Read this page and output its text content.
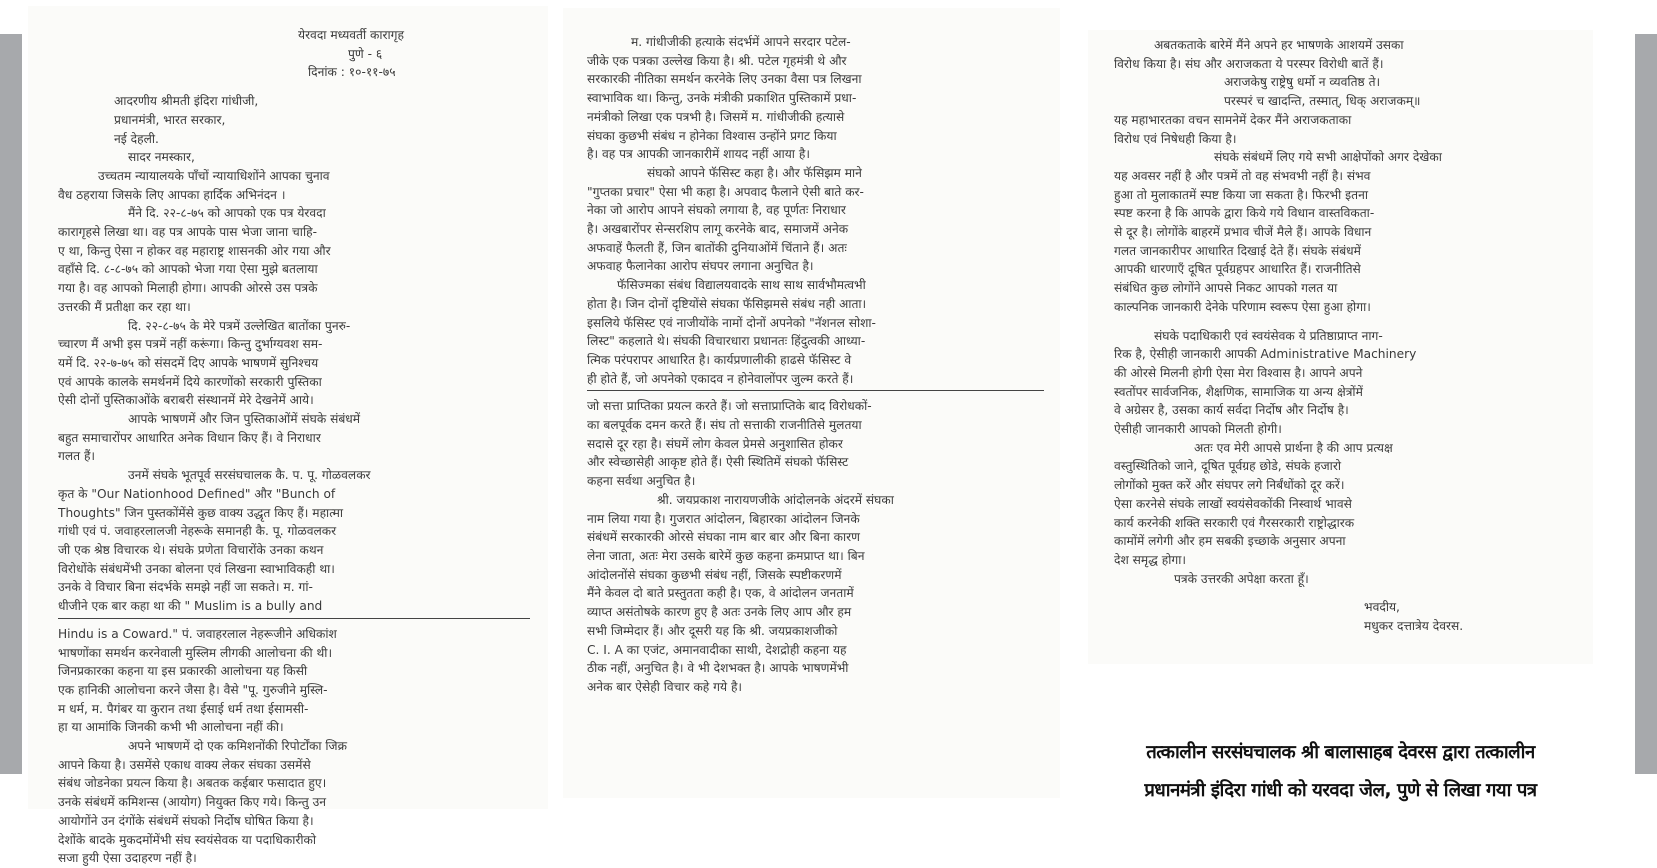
येरवदा मध्यवर्ती कारागृह
पुणे - ६
दिनांक : १०-११-७५
आदरणीय श्रीमती इंदिरा गांधीजी,
प्रधानमंत्री, भारत सरकार,
नई देहली.
सादर नमस्कार,
उच्चतम न्यायालयके पाँचों न्यायाधिशोंने आपका चुनाव
वैध ठहराया जिसके लिए आपका हार्दिक अभिनंदन ।
मैंने दि. २२-८-७५ को आपको एक पत्र येरवदा
कारागृहसे लिखा था। वह पत्र आपके पास भेजा जाना चाहि-
ए था, किन्तु ऐसा न होकर वह महाराष्ट्र शासनकी ओर गया और
वहाँसे दि. ८-८-७५ को आपको भेजा गया ऐसा मुझे बतलाया
गया है। वह आपको मिलाही होगा। आपकी ओरसे उस पत्रके
उत्तरकी मैं प्रतीक्षा कर रहा था।
दि. २२-८-७५ के मेरे पत्रमें उल्लेखित बातोंका पुनरु-
च्चारण मैं अभी इस पत्रमें नहीं करूंगा। किन्तु दुर्भाग्यवश सम-
यमें दि. २२-७-७५ को संसदमें दिए आपके भाषणमें सुनिश्चय
एवं आपके कालके समर्थनमें दिये कारणोंको सरकारी पुस्तिका
ऐसी दोनों पुस्तिकाओंके बराबरी संस्थानमें मेरे देखनेमें आये।
आपके भाषणमें और जिन पुस्तिकाओंमें संघके संबंधमें
बहुत समाचारोंपर आधारित अनेक विधान किए हैं। वे निराधार
गलत हैं।
उनमें संघके भूतपूर्व सरसंघचालक कै. प. पू. गोळवलकर
कृत के "Our Nationhood Defined" और "Bunch of
Thoughts" जिन पुस्तकोंमेंसे कुछ वाक्य उद्धृत किए हैं। महात्मा
गांधी एवं पं. जवाहरलालजी नेहरूके समानही कै. पू. गोळवलकर
जी एक श्रेष्ठ विचारक थे। संघके प्रणेता विचारोंके उनका कथन
विरोधोंके संबंधमेंभी उनका बोलना एवं लिखना स्वाभाविकही था।
उनके वे विचार बिना संदर्भके समझे नहीं जा सकते। म. गां-
धीजीने एक बार कहा था की " Muslim is a bully and
Hindu is a Coward." पं. जवाहरलाल नेहरूजीने अधिकांश
भाषणोंका समर्थन करनेवाली मुस्लिम लीगकी आलोचना की थी।
जिनप्रकारका कहना या इस प्रकारकी आलोचना यह किसी
एक हानिकी आलोचना करने जैसा है। वैसे "पू. गुरुजीने मुस्लि-
म धर्म, म. पैगंबर या कुरान तथा ईसाई धर्म तथा ईसामसी-
हा या आमांकि जिनकी कभी भी आलोचना नहीं की।
अपने भाषणमें दो एक कमिशनोंकी रिपोर्टोंका जिक्र
आपने किया है। उसमेंसे एकाध वाक्य लेकर संघका उसमेंसे
संबंध जोडनेका प्रयत्न किया है। अबतक कईबार फसादात हुए।
उनके संबंधमें कमिशन्स (आयोग) नियुक्त किए गये। किन्तु उन
आयोगोंने उन दंगोंके संबंधमें संघको निर्दोष घोषित किया है।
देशोंके बादके मुकदमोंमेंभी संघ स्वयंसेवक या पदाधिकारीको
सजा हुयी ऐसा उदाहरण नहीं है।
म. गांधीजीकी हत्याके संदर्भमें आपने सरदार पटेल-
जीके एक पत्रका उल्लेख किया है। श्री. पटेल गृहमंत्री थे और
सरकारकी नीतिका समर्थन करनेके लिए उनका वैसा पत्र लिखना
स्वाभाविक था। किन्तु, उनके मंत्रीकी प्रकाशित पुस्तिकामें प्रधा-
नमंत्रीको लिखा एक पत्रभी है। जिसमें म. गांधीजीकी हत्यासे
संघका कुछभी संबंध न होनेका विश्वास उन्होंने प्रगट किया
है। वह पत्र आपकी जानकारीमें शायद नहीं आया है।
संघको आपने फॅसिस्ट कहा है। और फॅसिझम माने
"गुप्तका प्रचार" ऐसा भी कहा है। अपवाद फैलाने ऐसी बाते कर-
नेका जो आरोप आपने संघको लगाया है, वह पूर्णतः निराधार
है। अखबारोंपर सेन्सरशिप लागू करनेके बाद, समाजमें अनेक
अफवाहें फैलती हैं, जिन बातोंकी दुनियाओंमें चिंताने हैं। अतः
अफवाह फैलानेका आरोप संघपर लगाना अनुचित है।
फॅसिज्मका संबंध विद्यालयवादके साथ साथ सार्वभौमत्वभी
होता है। जिन दोनों दृष्टियोंसे संघका फॅसिझमसे संबंध नही आता।
इसलिये फॅसिस्ट एवं नाजीयोंके नामों दोनों अपनेको "नॅशनल सोशा-
लिस्ट" कहलाते थे। संघकी विचारधारा प्रधानतः हिंदुत्वकी आध्या-
त्मिक परंपरापर आधारित है। कार्यप्रणालीकी हाढसे फॅसिस्ट वे
ही होते हैं, जो अपनेको एकादव न होनेवालोंपर जुल्म करते हैं।
जो सत्ता प्राप्तिका प्रयत्न करते हैं। जो सत्ताप्राप्तिके बाद विरोधकों-
का बलपूर्वक दमन करते हैं। संघ तो सत्ताकी राजनीतिसे मुलतया
सदासे दूर रहा है। संघमें लोग केवल प्रेमसे अनुशासित होकर
और स्वेच्छासेही आकृष्ट होते हैं। ऐसी स्थितिमें संघको फॅसिस्ट
कहना सर्वथा अनुचित है।
श्री. जयप्रकाश नारायणजीके आंदोलनके अंदरमें संघका
नाम लिया गया है। गुजरात आंदोलन, बिहारका आंदोलन जिनके
संबंधमें सरकारकी ओरसे संघका नाम बार बार और बिना कारण
लेना जाता, अतः मेरा उसके बारेमें कुछ कहना क्रमप्राप्त था। बिन
आंदोलनोंसे संघका कुछभी संबंध नहीं, जिसके स्पष्टीकरणमें
मैंने केवल दो बाते प्रस्तुतता कही है। एक, वे आंदोलन जनतामें
व्याप्त असंतोषके कारण हुए है अतः उनके लिए आप और हम
सभी जिम्मेदार हैं। और दूसरी यह कि श्री. जयप्रकाशजीको
C. I. A का एजंट, अमानवादीका साथी, देशद्रोही कहना यह
ठीक नहीं, अनुचित है। वे भी देशभक्त है। आपके भाषणमेंभी
अनेक बार ऐसेही विचार कहे गये है।
अबतकताके बारेमें मैंने अपने हर भाषणके आशयमें उसका
विरोध किया है। संघ और अराजकता ये परस्पर विरोधी बातें हैं।
अराजकेषु राष्ट्रेषु धर्मो न व्यवतिष्ठ ते।
परस्परं च खादन्ति, तस्मात्, धिक् अराजकम्॥
यह महाभारतका वचन सामनेमें देकर मैंने अराजकताका
विरोध एवं निषेधही किया है।
संघके संबंधमें लिए गये सभी आक्षेपोंको अगर देखेका
यह अवसर नहीं है और पत्रमें तो वह संभवभी नहीं है। संभव
हुआ तो मुलाकातमें स्पष्ट किया जा सकता है। फिरभी इतना
स्पष्ट करना है कि आपके द्वारा किये गये विधान वास्तविकता-
से दूर है। लोगोंके बाहरमें प्रभाव चीजें मैले हैं। आपके विधान
गलत जानकारीपर आधारित दिखाई देते हैं। संघके संबंधमें
आपकी धारणाएँ दूषित पूर्वग्रहपर आधारित हैं। राजनीतिसे
संबंधित कुछ लोगोंने आपसे निकट आपको गलत या
काल्पनिक जानकारी देनेके परिणाम स्वरूप ऐसा हुआ होगा।
संघके पदाधिकारी एवं स्वयंसेवक ये प्रतिष्ठाप्राप्त नाग-
रिक है, ऐसीही जानकारी आपकी Administrative Machinery
की ओरसे मिलनी होगी ऐसा मेरा विश्वास है। आपने अपने
स्वतोंपर सार्वजनिक, शैक्षणिक, सामाजिक या अन्य क्षेत्रोंमें
वे अग्रेसर है, उसका कार्य सर्वदा निर्दोष और निर्दोष है।
ऐसीही जानकारी आपको मिलती होगी।
अतः एव मेरी आपसे प्रार्थना है की आप प्रत्यक्ष
वस्तुस्थितिको जाने, दूषित पूर्वग्रह छोडे, संघके हजारो
लोगोंको मुक्त करें और संघपर लगे निर्बंधोंको दूर करें।
ऐसा करनेसे संघके लाखों स्वयंसेवकोंकी निस्वार्थ भावसे
कार्य करनेकी शक्ति सरकारी एवं गैरसरकारी राष्ट्रोद्धारक
कामोंमें लगेगी और हम सबकी इच्छाके अनुसार अपना
देश समृद्ध होगा।
पत्रके उत्तरकी अपेक्षा करता हूँ।
भवदीय,
मधुकर दत्तात्रेय देवरस.
तत्कालीन सरसंघचालक श्री बालासाहब देवरस द्वारा तत्कालीन
प्रधानमंत्री इंदिरा गांधी को यरवदा जेल, पुणे से लिखा गया पत्र
